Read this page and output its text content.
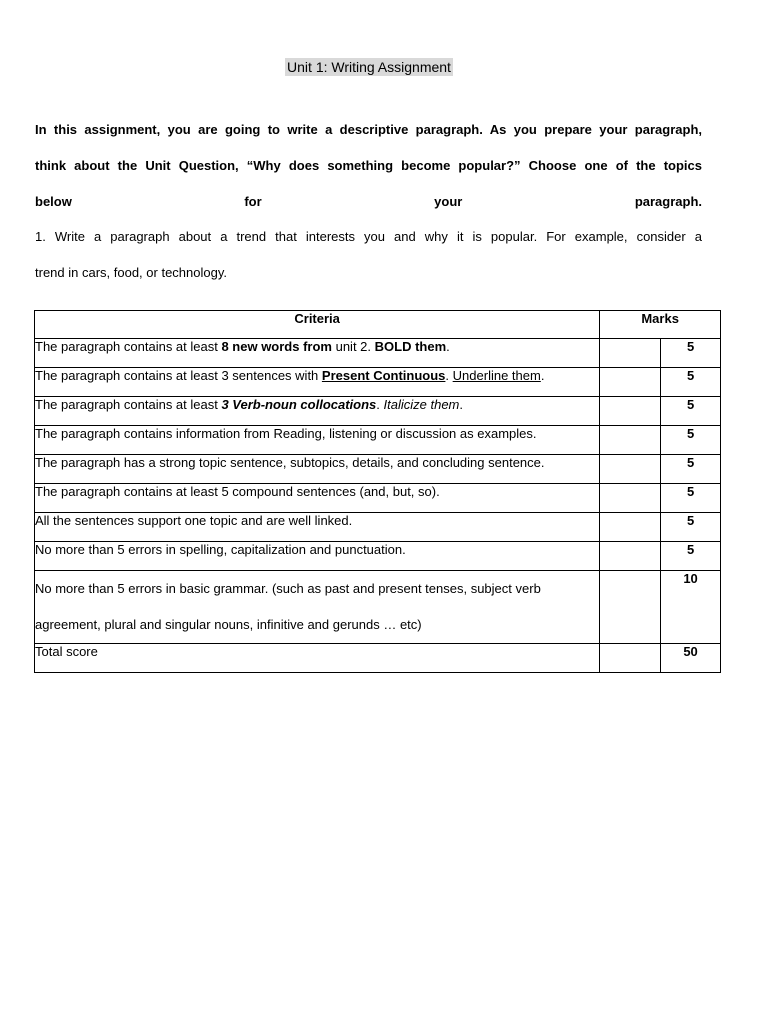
Unit 1: Writing Assignment
In this assignment, you are going to write a descriptive paragraph. As you prepare your paragraph,
think about the Unit Question, “Why does something become popular?” Choose one of the topics
below	for	your	paragraph.
1. Write a paragraph about a trend that interests you and why it is popular. For example, consider a
trend in cars, food, or technology.
Criteria	Marks	
The paragraph contains at least 8 new words from unit 2. BOLD them.		5
The paragraph contains at least 3 sentences with Present Continuous. Underline them.		5
The paragraph contains at least 3 Verb-noun collocations. Italicize them.		5
The paragraph contains information from Reading, listening or discussion as examples.		5
The paragraph has a strong topic sentence, subtopics, details, and concluding sentence.		5
The paragraph contains at least 5 compound sentences (and, but, so).		5
All the sentences support one topic and are well linked.		5
No more than 5 errors in spelling, capitalization and punctuation.		5
No more than 5 errors in basic grammar. (such as past and present tenses, subject verb
agreement, plural and singular nouns, infinitive and gerunds … etc)		10
Total score		50
